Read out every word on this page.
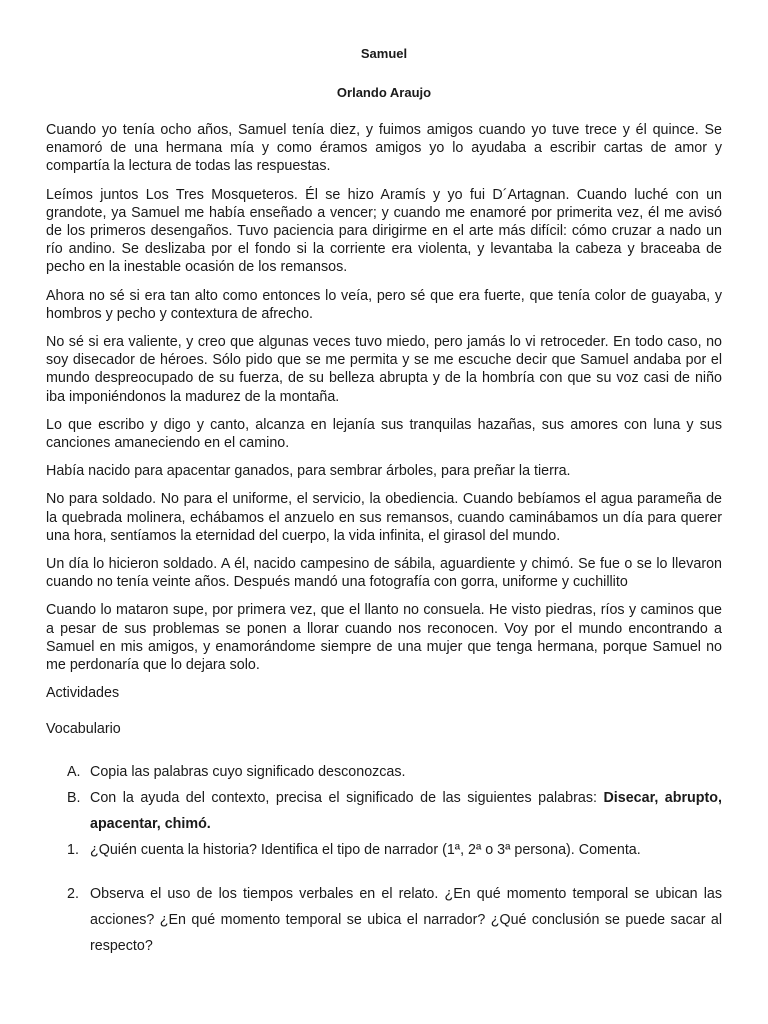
Samuel
Orlando Araujo

Cuando yo tenía ocho años, Samuel tenía diez, y fuimos amigos cuando yo tuve trece y él quince. Se enamoró de una hermana mía y como éramos amigos yo lo ayudaba a escribir cartas de amor y compartía la lectura de todas las respuestas.

Leímos juntos Los Tres Mosqueteros. Él se hizo Aramís y yo fui D´Artagnan. Cuando luché con un grandote, ya Samuel me había enseñado a vencer; y cuando me enamoré por primerita vez, él me avisó de los primeros desengaños. Tuvo paciencia para dirigirme en el arte más difícil: cómo cruzar a nado un río andino. Se deslizaba por el fondo si la corriente era violenta, y levantaba la cabeza y braceaba de pecho en la inestable ocasión de los remansos.

Ahora no sé si era tan alto como entonces lo veía, pero sé que era fuerte, que tenía color de guayaba, y hombros y pecho y contextura de afrecho.

No sé si era valiente, y creo que algunas veces tuvo miedo, pero jamás lo vi retroceder. En todo caso, no soy disecador de héroes. Sólo pido que se me permita y se me escuche decir que Samuel andaba por el mundo despreocupado de su fuerza, de su belleza abrupta y de la hombría con que su voz casi de niño iba imponiéndonos la madurez de la montaña.

Lo que escribo y digo y canto, alcanza en lejanía sus tranquilas hazañas, sus amores con luna y sus canciones amaneciendo en el camino.

Había nacido para apacentar ganados, para sembrar árboles, para preñar la tierra.

No para soldado. No para el uniforme, el servicio, la obediencia. Cuando bebíamos el agua parameña de la quebrada molinera, echábamos el anzuelo en sus remansos, cuando caminábamos un día para querer una hora, sentíamos la eternidad del cuerpo, la vida infinita, el girasol del mundo.

Un día lo hicieron soldado. A él, nacido campesino de sábila, aguardiente y chimó. Se fue o se lo llevaron cuando no tenía veinte años. Después mandó una fotografía con gorra, uniforme y cuchillito

Cuando lo mataron supe, por primera vez, que el llanto no consuela. He visto piedras, ríos y caminos que a pesar de sus problemas se ponen a llorar cuando nos reconocen. Voy por el mundo encontrando a Samuel en mis amigos, y enamorándome siempre de una mujer que tenga hermana, porque Samuel no me perdonaría que lo dejara solo.

Actividades

Vocabulario

A. Copia las palabras cuyo significado desconozcas.
B. Con la ayuda del contexto, precisa el significado de las siguientes palabras: Disecar, abrupto, apacentar, chimó.
1. ¿Quién cuenta la historia? Identifica el tipo de narrador (1ª, 2ª o 3ª persona). Comenta.
2. Observa el uso de los tiempos verbales en el relato. ¿En qué momento temporal se ubican las acciones? ¿En qué momento temporal se ubica el narrador? ¿Qué conclusión se puede sacar al respecto?
